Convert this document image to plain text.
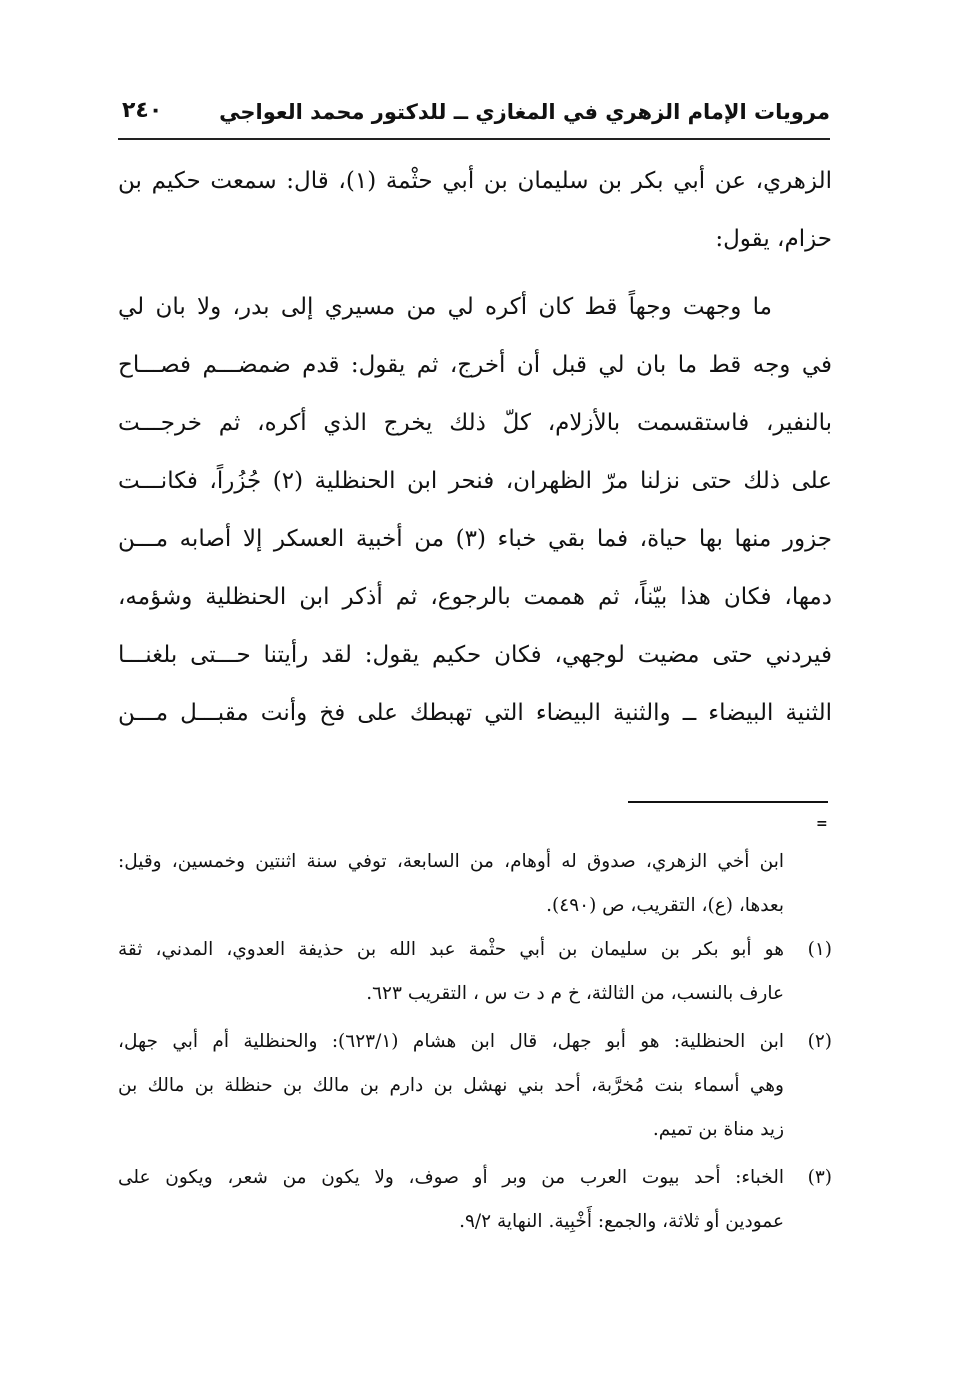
مرويات الإمام الزهري في المغازي ــ للدكتور محمد العواجي
٢٤٠
الزهري، عن أبي بكر بن سليمان بن أبي حثْمة (١)، قال: سمعت حكيم بن
حزام، يقول:
ما وجهت وجهاً قط كان أكره لي من مسيري إلى بدر، ولا بان لي
في وجه قط ما بان لي قبل أن أخرج، ثم يقول: قدم ضمضـــم فصـــاح
بالنفير، فاستقسمت بالأزلام، كلّ ذلك يخرج الذي أكره، ثم خرجـــت
على ذلك حتى نزلنا مرّ الظهران، فنحر ابن الحنظلية (٢) جُزُراً، فكانـــت
جزور منها بها حياة، فما بقي خباء (٣) من أخبية العسكر إلا أصابه مـــن
دمها، فكان هذا بيّناً، ثم هممت بالرجوع، ثم أذكر ابن الحنظلية وشؤمه،
فيردني حتى مضيت لوجهي، فكان حكيم يقول: لقد رأيتنا حـــتى بلغنـــا
الثنية البيضاء ــ والثنية البيضاء التي تهبطك على فخ وأنت مقبـــل مـــن
=
ابن أخي الزهري، صدوق له أوهام، من السابعة، توفي سنة اثنتين وخمسين، وقيل:
بعدها، (ع)، التقريب، ص (٤٩٠).
(١)
هو أبو بكر بن سليمان بن أبي حثْمة عبد الله بن حذيفة العدوي، المدني، ثقة
عارف بالنسب، من الثالثة، خ م د ت س ، التقريب ٦٢٣.
(٢)
ابن الحنظلية: هو أبو جهل، قال ابن هشام (٦٢٣/١): والحنظلية أم أبي جهل،
وهي أسماء بنت مُخرَّبة، أحد بني نهشل بن دارم بن مالك بن حنظلة بن مالك بن
زيد مناة بن تميم.
(٣)
الخباء: أحد بيوت العرب من وبر أو صوف، ولا يكون من شعر، ويكون على
عمودين أو ثلاثة، والجمع: أَخْبِية. النهاية ٩/٢.
